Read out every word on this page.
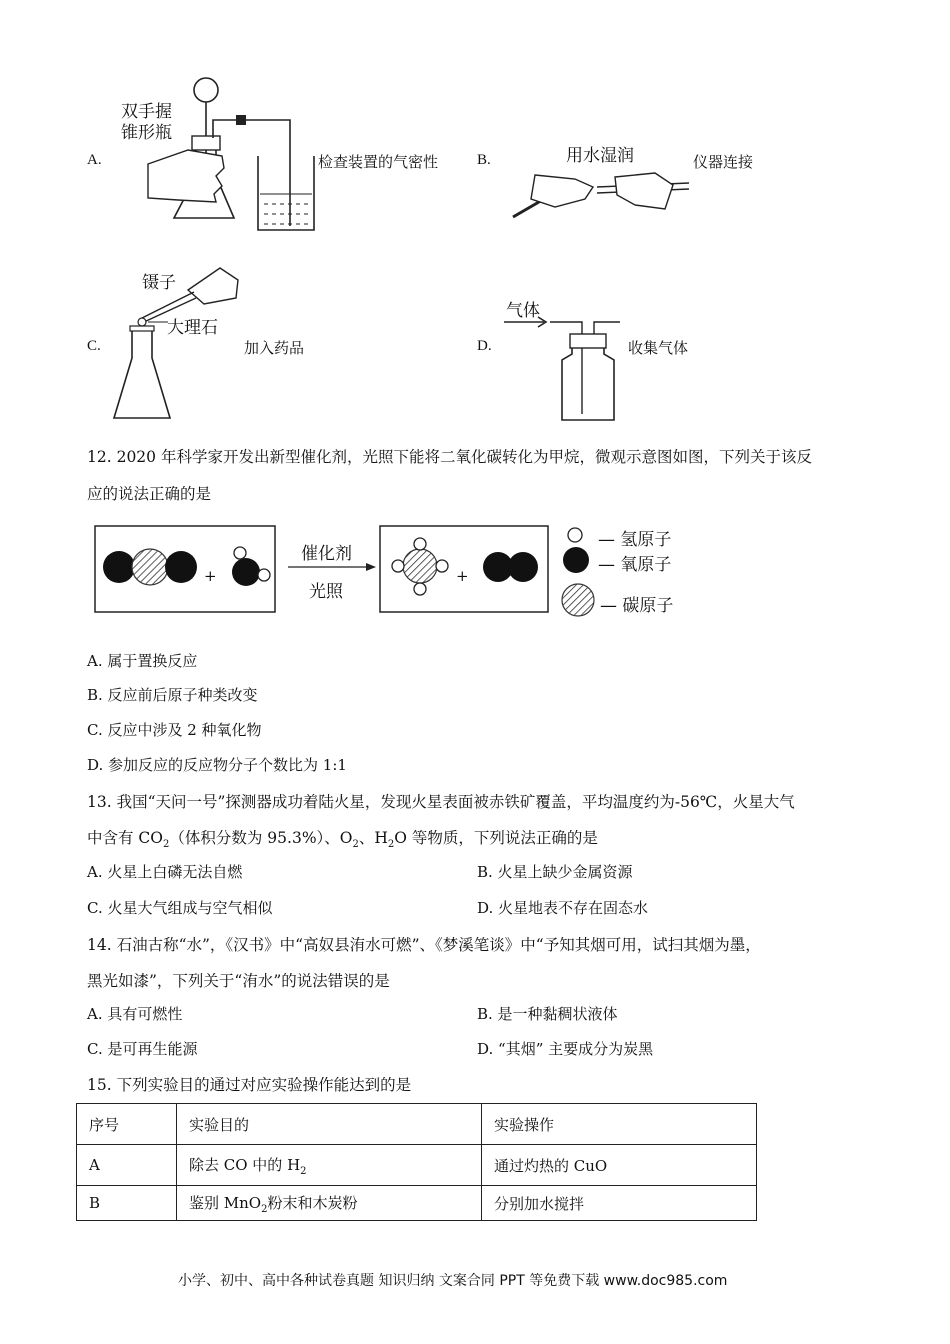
A.
双手握
锥形瓶
检查装置的气密性	B.	用水湿润	仪器连接
C.
镊子
大理石
加入药品	D.
气体
收集气体
12. 2020 年科学家开发出新型催化剂，光照下能将二氧化碳转化为甲烷，微观示意图如图，下列关于该反
应的说法正确的是
+	+
催化剂
光照
— 氢原子
— 氧原子
— 碳原子
A. 属于置换反应
B. 反应前后原子种类改变
C. 反应中涉及 2 种氧化物
D. 参加反应的反应物分子个数比为 1:1
13. 我国“天问一号”探测器成功着陆火星，发现火星表面被赤铁矿覆盖，平均温度约为-56℃，火星大气
中含有 $CO_2$（体积分数为 95.3%）、$O_2$、$H_2O$ 等物质，下列说法正确的是
A. 火星上白磷无法自燃	B. 火星上缺少金属资源
C. 火星大气组成与空气相似	D. 火星地表不存在固态水
14. 石油古称“水”，《汉书》中“高奴县洧水可燃”、《梦溪笔谈》中“予知其烟可用，试扫其烟为墨，
黑光如漆”，下列关于“洧水”的说法错误的是
A. 具有可燃性	B. 是一种黏稠状液体
C. 是可再生能源	D. “其烟” 主要成分为炭黑
15. 下列实验目的通过对应实验操作能达到的是
序号	实验目的	实验操作
A	除去 CO 中的 $H_2$	通过灼热的 CuO
B	鉴别 MnO$_2$粉末和木炭粉	分别加水搅拌
小学、初中、高中各种试卷真题 知识归纳 文案合同 PPT 等免费下载 www.doc985.com
